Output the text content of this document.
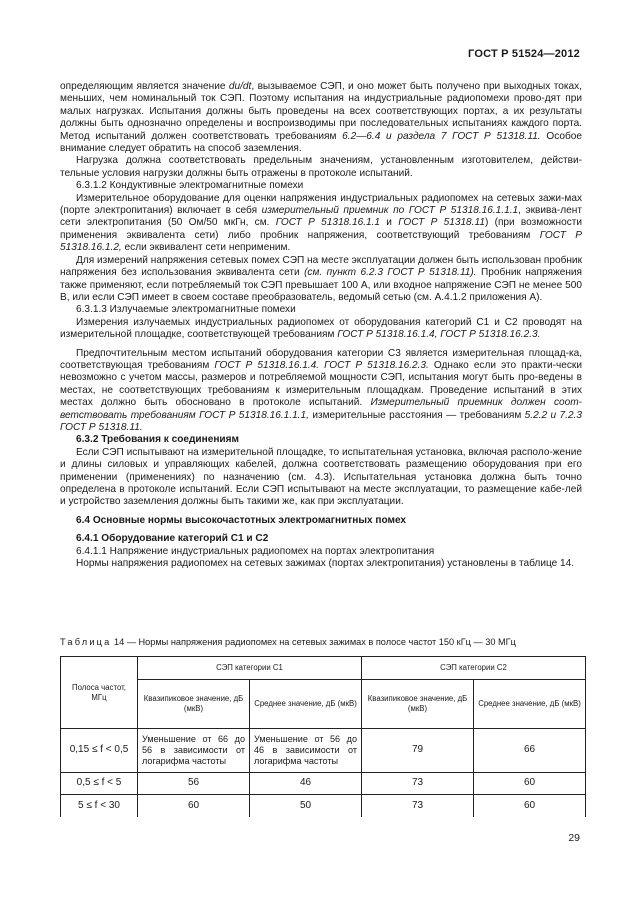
ГОСТ Р 51524—2012

определяющим является значение du/dt, вызываемое СЭП, и оно может быть получено при выходных токах, меньших, чем номинальный ток СЭП. Поэтому испытания на индустриальные радиопомехи прово-дят при малых нагрузках. Испытания должны быть проведены на всех соответствующих портах, а их результаты должны быть однозначно определены и воспроизводимы при последовательных испытаниях каждого порта. Метод испытаний должен соответствовать требованиям 6.2—6.4 и разделa 7 ГОСТ Р 51318.11. Особое внимание следует обратить на способ заземления.

Нагрузка должна соответствовать предельным значениям, установленным изготовителем, действи-тельные условия нагрузки должны быть отражены в протоколе испытаний.

6.3.1.2 Кондуктивные электромагнитные помехи

Измерительное оборудование для оценки напряжения индустриальных радиопомех на сетевых зажи-мах (порте электропитания) включает в себя измерительный приемник по ГОСТ Р 51318.16.1.1.1, эквива-лент сети электропитания (50 Ом/50 мкГн, см. ГОСТ Р 51318.16.1.1 и ГОСТ Р 51318.11) (при возможности применения эквивалента сети) либо пробник напряжения, соответствующий требованиям ГОСТ Р 51318.16.1.2, если эквивалент сети неприменим.

Для измерений напряжения сетевых помех СЭП на месте эксплуатации должен быть использован пробник напряжения без использования эквивалента сети (см. пункт 6.2.3 ГОСТ Р 51318.11). Пробник напряжения также применяют, если потребляемый ток СЭП превышает 100 А, или входное напряжение СЭП не менее 500 В, или если СЭП имеет в своем составе преобразователь, ведомый сетью (см. А.4.1.2 приложения А).

6.3.1.3 Излучаемые электромагнитные помехи

Измерения излучаемых индустриальных радиопомех от оборудования категорий С1 и С2 проводят на измерительной площадке, соответствующей требованиям ГОСТ Р 51318.16.1.4, ГОСТ Р 51318.16.2.3.

Предпочтительным местом испытаний оборудования категории С3 является измерительная площад-ка, соответствующая требованиям ГОСТ Р 51318.16.1.4. ГОСТ Р 51318.16.2.3. Однако если это практи-чески невозможно с учетом массы, размеров и потребляемой мощности СЭП, испытания могут быть про-ведены в местах, не соответствующих требованиям к измерительным площадкам. Проведение испытаний в этих местах должно быть обосновано в протоколе испытаний. Измерительный приемник должен соот-ветствовать требованиям ГОСТ Р 51318.16.1.1.1, измерительные расстояния — требованиям 5.2.2 и 7.2.3 ГОСТ Р 51318.11.

6.3.2 Требования к соединениям

Если СЭП испытывают на измерительной площадке, то испытательная установка, включая располо-жение и длины силовых и управляющих кабелей, должна соответствовать размещению оборудования при его применении (применениях) по назначению (см. 4.3). Испытательная установка должна быть точно определена в протоколе испытаний. Если СЭП испытывают на месте эксплуатации, то размещение кабе-лей и устройство заземления должны быть такими же, как при эксплуатации.

6.4 Основные нормы высокочастотных электромагнитных помех

6.4.1 Оборудование категорий С1 и С2

6.4.1.1 Напряжение индустриальных радиопомех на портах электропитания

Нормы напряжения радиопомех на сетевых зажимах (портах электропитания) установлены в таблице 14.

Таблица 14 — Нормы напряжения радиопомех на сетевых зажимах в полосе частот 150 кГц — 30 МГц
Полоса частот, МГц	СЭП категории С1		СЭП категории С2	
	Квазипиковое значение, дБ (мкВ)	Среднее значение, дБ (мкВ)	Квазипиковое значение, дБ (мкВ)	Среднее значение, дБ (мкВ)
0,15 ≤ f < 0,5	Уменьшение от 66 до 56 в зависимости от логарифма частоты	Уменьшение от 56 до 46 в зависимости от логарифма частоты	79	66
0,5 ≤ f < 5	56	46	73	60
5 ≤ f < 30	60	50	73	60
29
